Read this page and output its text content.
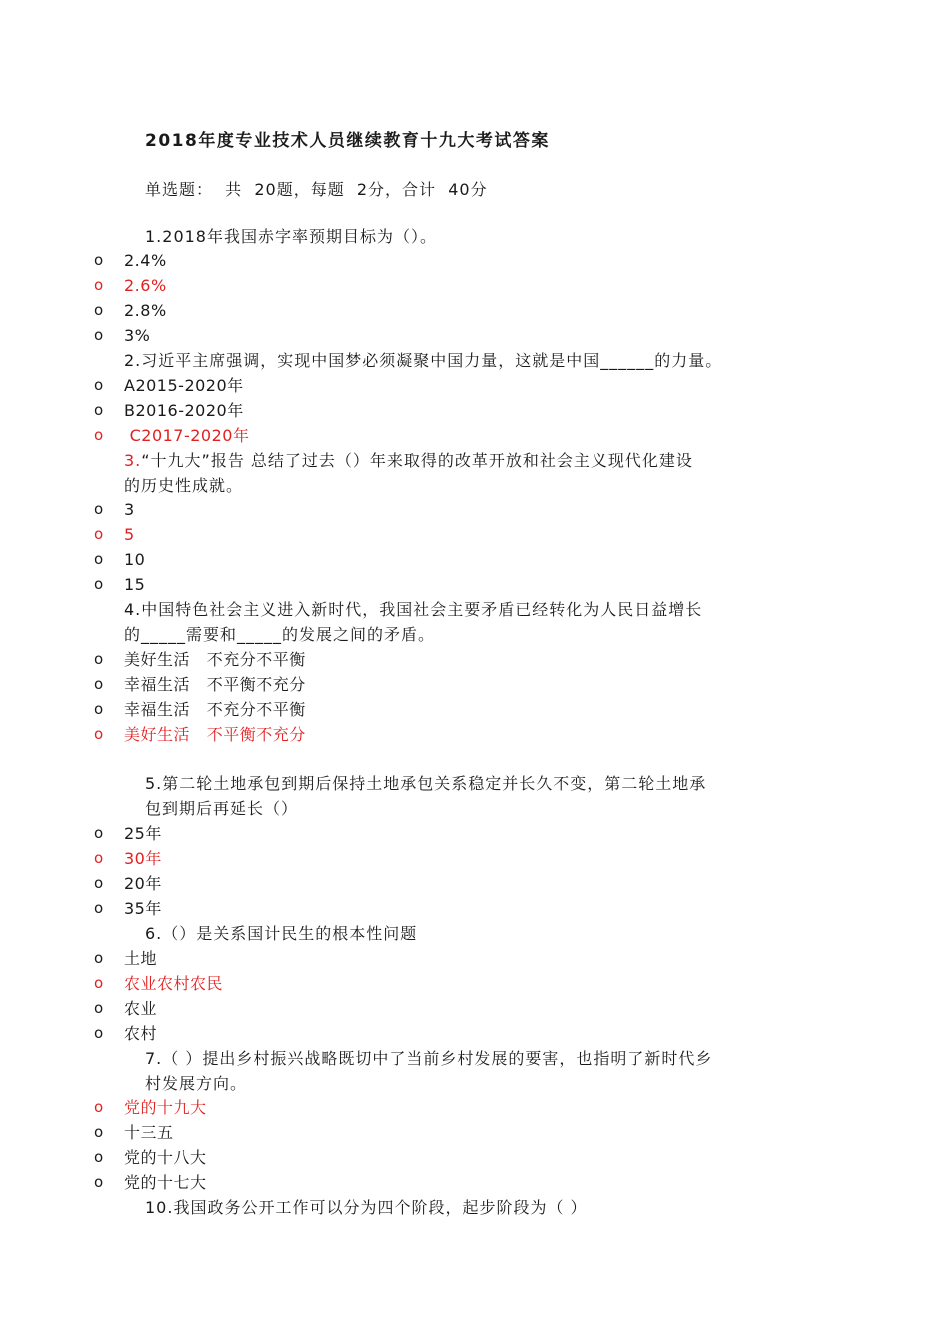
2018年度专业技术人员继续教育十九大考试答案
单选题：  共  20题，每题  2分，合计  40分
1.2018年我国赤字率预期目标为（）。
o 2.4%
o 2.6%
o 2.8%
o 3%
2.习近平主席强调，实现中国梦必须凝聚中国力量，这就是中国______的力量。
o A2015-2020年
o B2016-2020年
o C2017-2020年
3.“十九大”报告 总结了过去（）年来取得的改革开放和社会主义现代化建设
的历史性成就。
o 3
o 5
o 10
o 15
4.中国特色社会主义进入新时代，我国社会主要矛盾已经转化为人民日益增长
的_____需要和_____的发展之间的矛盾。
o 美好生活   不充分不平衡
o 幸福生活   不平衡不充分
o 幸福生活   不充分不平衡
o 美好生活   不平衡不充分
5.第二轮土地承包到期后保持土地承包关系稳定并长久不变，第二轮土地承
包到期后再延长（）
o 25年
o 30年
o 20年
o 35年
6.（）是关系国计民生的根本性问题
o 土地
o 农业农村农民
o 农业
o 农村
7.（ ）提出乡村振兴战略既切中了当前乡村发展的要害，也指明了新时代乡
村发展方向。
o 党的十九大
o 十三五
o 党的十八大
o 党的十七大
10.我国政务公开工作可以分为四个阶段，起步阶段为（ ）
